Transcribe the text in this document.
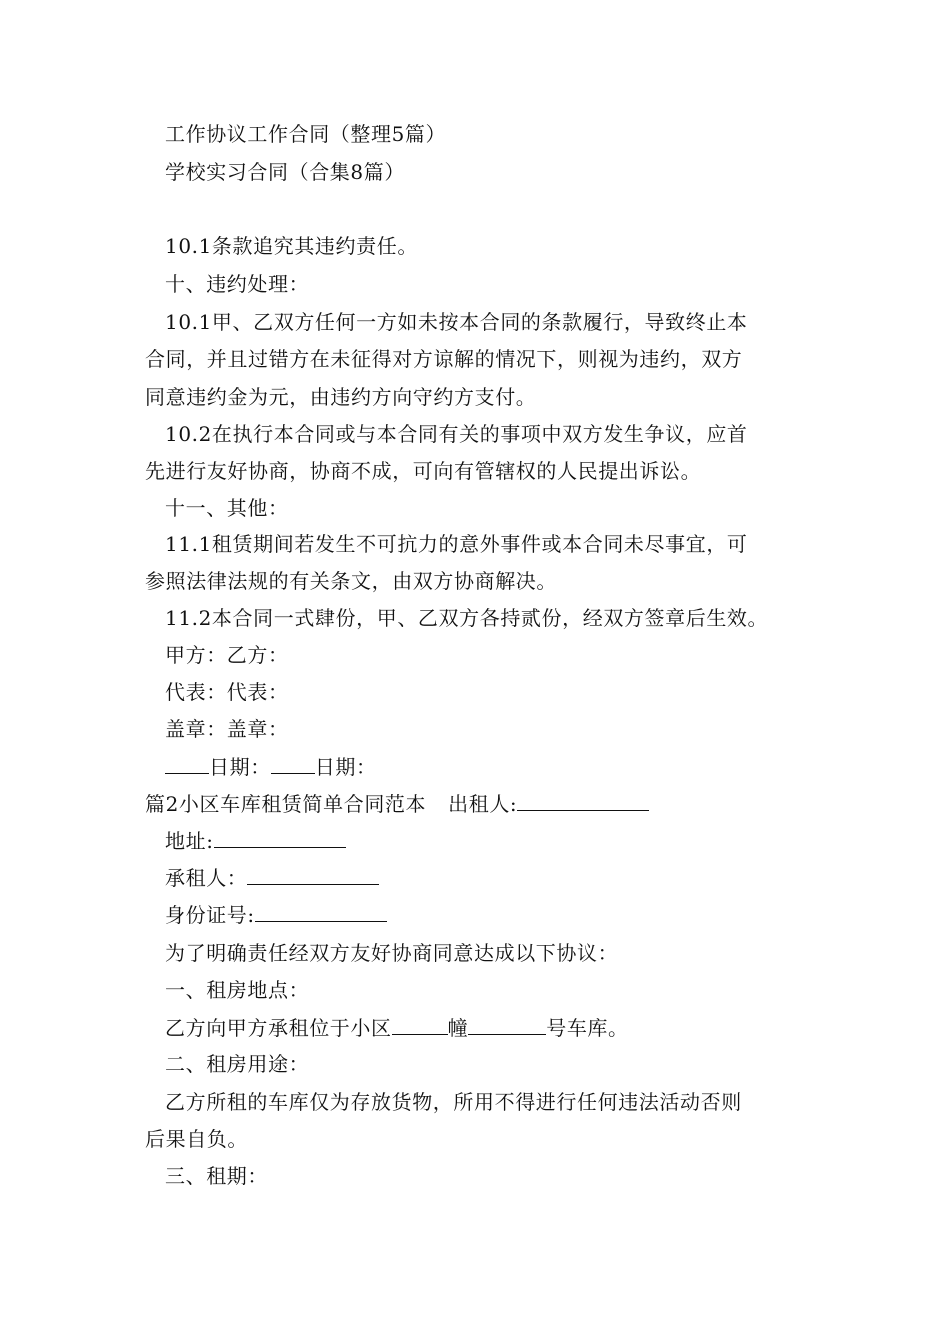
工作协议工作合同（整理5篇）
学校实习合同（合集8篇）
10.1条款追究其违约责任。
十、违约处理：
10.1甲、乙双方任何一方如未按本合同的条款履行，导致终止本
合同，并且过错方在未征得对方谅解的情况下，则视为违约，双方
同意违约金为元，由违约方向守约方支付。
10.2在执行本合同或与本合同有关的事项中双方发生争议，应首
先进行友好协商，协商不成，可向有管辖权的人民提出诉讼。
十一、其他：
11.1租赁期间若发生不可抗力的意外事件或本合同未尽事宜，可
参照法律法规的有关条文，由双方协商解决。
11.2本合同一式肆份，甲、乙双方各持贰份，经双方签章后生效。
甲方：乙方：
代表：代表：
盖章：盖章：
日期： 日期：
篇2小区车库租赁简单合同范本 出租人:
地址:
承租人：
身份证号:
为了明确责任经双方友好协商同意达成以下协议：
一、租房地点：
乙方向甲方承租位于小区	幢	号车库。
二、租房用途：
乙方所租的车库仅为存放货物，所用不得进行任何违法活动否则
后果自负。
三、租期：
